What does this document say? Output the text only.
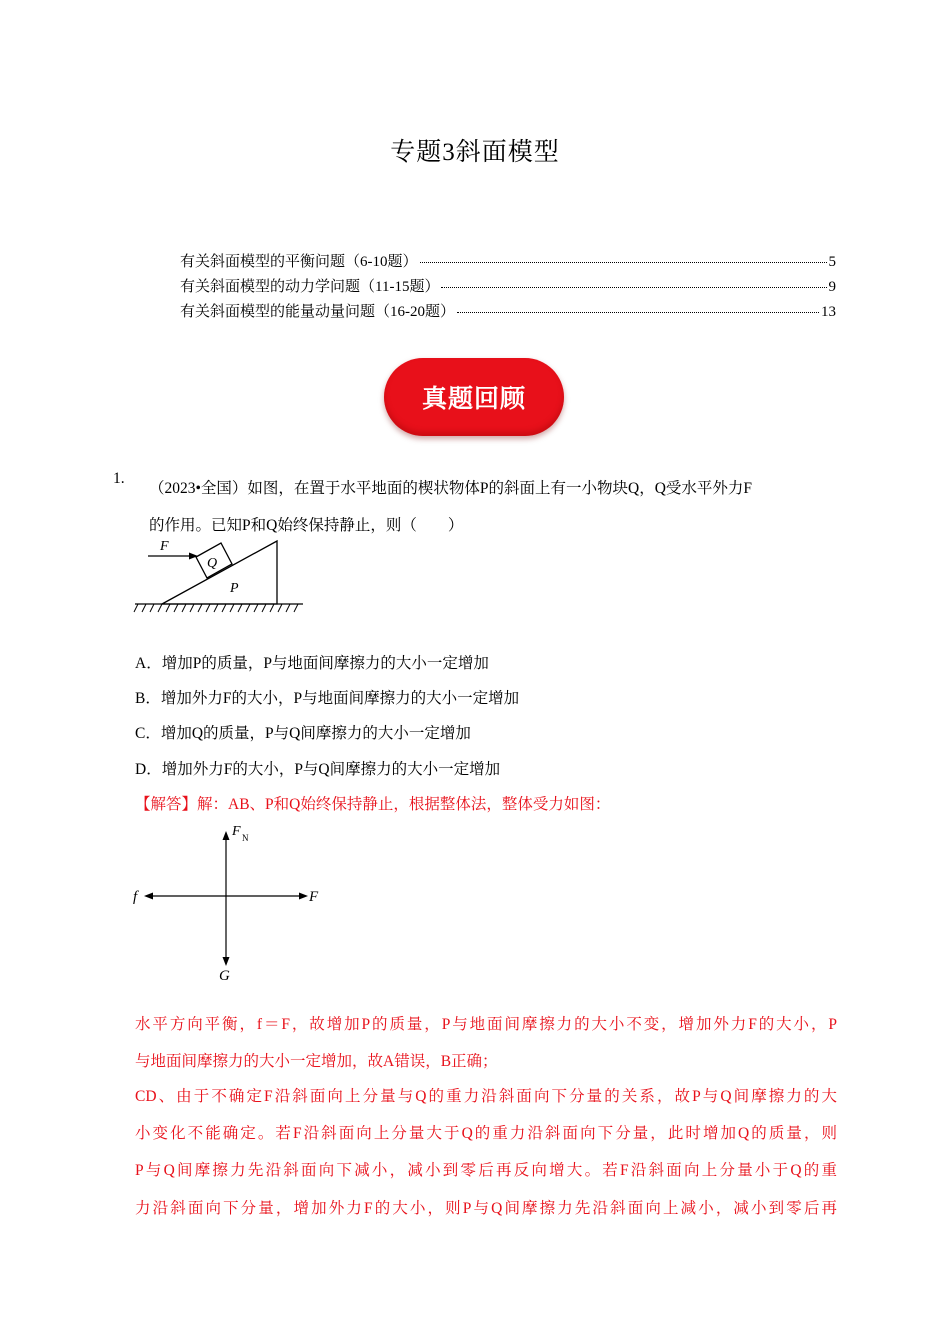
专题3斜面模型
有关斜面模型的平衡问题（6-10题）	5
有关斜面模型的动力学问题（11-15题）	9
有关斜面模型的能量动量问题（16-20题）	13
真题回顾
1.
（2023•全国）如图，在置于水平地面的楔状物体P的斜面上有一小物块Q，Q受水平外力F
的作用。已知P和Q始终保持静止，则（　　）
F
Q
P
A．增加P的质量，P与地面间摩擦力的大小一定增加
B．增加外力F的大小，P与地面间摩擦力的大小一定增加
C．增加Q的质量，P与Q间摩擦力的大小一定增加
D．增加外力F的大小，P与Q间摩擦力的大小一定增加
【解答】解：AB、P和Q始终保持静止，根据整体法，整体受力如图：
F N
f	F
G
水平方向平衡，f＝F，故增加P的质量，P与地面间摩擦力的大小不变，增加外力F的大小，P
与地面间摩擦力的大小一定增加，故A错误，B正确；
CD、由于不确定F沿斜面向上分量与Q的重力沿斜面向下分量的关系，故P与Q间摩擦力的大
小变化不能确定。若F沿斜面向上分量大于Q的重力沿斜面向下分量，此时增加Q的质量，则
P与Q间摩擦力先沿斜面向下减小，减小到零后再反向增大。若F沿斜面向上分量小于Q的重
力沿斜面向下分量，增加外力F的大小，则P与Q间摩擦力先沿斜面向上减小，减小到零后再
